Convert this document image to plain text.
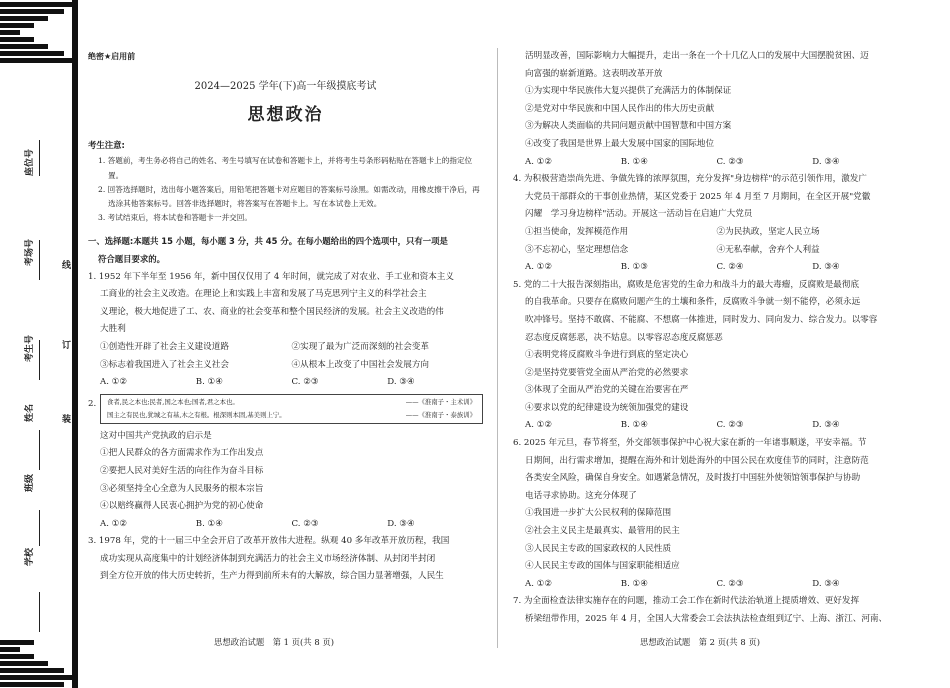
座位号
考场号
考生号
姓名
班级
学校
线
订
装
绝密★启用前
2024—2025 学年(下)高一年级摸底考试
思想政治
考生注意:
1. 答题前，考生务必将自己的姓名、考生号填写在试卷和答题卡上，并将考生号条形码粘贴在答题卡上的指定位置。
2. 回答选择题时，选出每小题答案后，用铅笔把答题卡对应题目的答案标号涂黑。如需改动，用橡皮擦干净后，再选涂其他答案标号。回答非选择题时，将答案写在答题卡上。写在本试卷上无效。
3. 考试结束后，将本试卷和答题卡一并交回。
一、选择题:本题共 15 小题，每小题 3 分，共 45 分。在每小题给出的四个选项中，只有一项是
符合题目要求的。
1. 1952 年下半年至 1956 年，新中国仅仅用了 4 年时间，就完成了对农业、手工业和资本主义
工商业的社会主义改造。在理论上和实践上丰富和发展了马克思列宁主义的科学社会主
义理论，极大地促进了工、农、商业的社会变革和整个国民经济的发展。社会主义改造的伟
大胜利
①创造性开辟了社会主义建设道路	②实现了最为广泛而深刻的社会变革
③标志着我国进入了社会主义社会	④从根本上改变了中国社会发展方向
A. ①②	B. ①④	C. ②③	D. ③④
2. 食者,民之本也;民者,国之本也;国者,君之本也。	——《淮南子・主术训》
国主之有民也,犹城之有基,木之有根。根深则本固,基美则上宁。	——《淮南子・泰族训》
这对中国共产党执政的启示是
①把人民群众的各方面需求作为工作出发点
②要把人民对美好生活的向往作为奋斗目标
③必须坚持全心全意为人民服务的根本宗旨
④以赔终赢得人民衷心拥护为党的初心使命
A. ①②	B. ①④	C. ②③	D. ③④
3. 1978 年，党的十一届三中全会开启了改革开放伟大进程。纵观 40 多年改革开放历程，我国
成功实现从高度集中的计划经济体制到充满活力的社会主义市场经济体制、从封闭半封闭
到全方位开放的伟大历史转折，生产力得到前所未有的大解放，综合国力显著增强，人民生
思想政治试题　第 1 页(共 8 页)
活明显改善，国际影响力大幅提升，走出一条在一个十几亿人口的发展中大国摆脱贫困、迈
向富强的崭新道路。这表明改革开放
①为实现中华民族伟大复兴提供了充满活力的体制保证
②是党对中华民族和中国人民作出的伟大历史贡献
③为解决人类面临的共同问题贡献中国智慧和中国方案
④改变了我国是世界上最大发展中国家的国际地位
A. ①②	B. ①④	C. ②③	D. ③④
4. 为积极营造崇尚先进、争做先锋的浓厚氛围，充分发挥"身边榜样"的示范引领作用，激发广
大党员干部群众的干事创业热情，某区党委于 2025 年 4 月至 7 月期间，在全区开展"党徽
闪耀　学习身边榜样"活动。开展这一活动旨在启迪广大党员
①担当使命，发挥模范作用	②为民执政，坚定人民立场
③不忘初心，坚定理想信念	④无私奉献，舍弃个人利益
A. ①②	B. ①③	C. ②④	D. ③④
5. 党的二十大报告深刻指出，腐败是危害党的生命力和战斗力的最大毒瘤，反腐败是最彻底
的自我革命。只要存在腐败问题产生的土壤和条件，反腐败斗争就一刻不能停，必须永远
吹冲锋号。坚持不敢腐、不能腐、不想腐一体推进，同时发力、同向发力、综合发力。以零容
忍态度反腐惩恶，决不姑息。以零容忍态度反腐惩恶
①表明党将反腐败斗争进行到底的坚定决心
②是坚持党要管党全面从严治党的必然要求
③体现了全面从严治党的关键在治要害在严
④要求以党的纪律建设为统领加强党的建设
A. ①②	B. ①④	C. ②③	D. ③④
6. 2025 年元旦，春节将至，外交部领事保护中心祝大家在新的一年诸事顺遂，平安幸福。节
日期间，出行需求增加，提醒在海外和计划赴海外的中国公民在欢度佳节的同时，注意防范
各类安全风险，确保自身安全。如遇紧急情况，及时拨打中国驻外使领馆领事保护与协助
电话寻求协助。这充分体现了
①我国进一步扩大公民权利的保障范围
②社会主义民主是最真实、最管用的民主
③人民民主专政的国家政权的人民性质
④人民民主专政的国体与国家职能相适应
A. ①②	B. ①④	C. ②③	D. ③④
7. 为全面检查法律实施存在的问题，推动工会工作在新时代法治轨道上提质增效、更好发挥
桥梁纽带作用，2025 年 4 月，全国人大常委会工会法执法检查组到辽宁、上海、浙江、河南、
思想政治试题　第 2 页(共 8 页)
